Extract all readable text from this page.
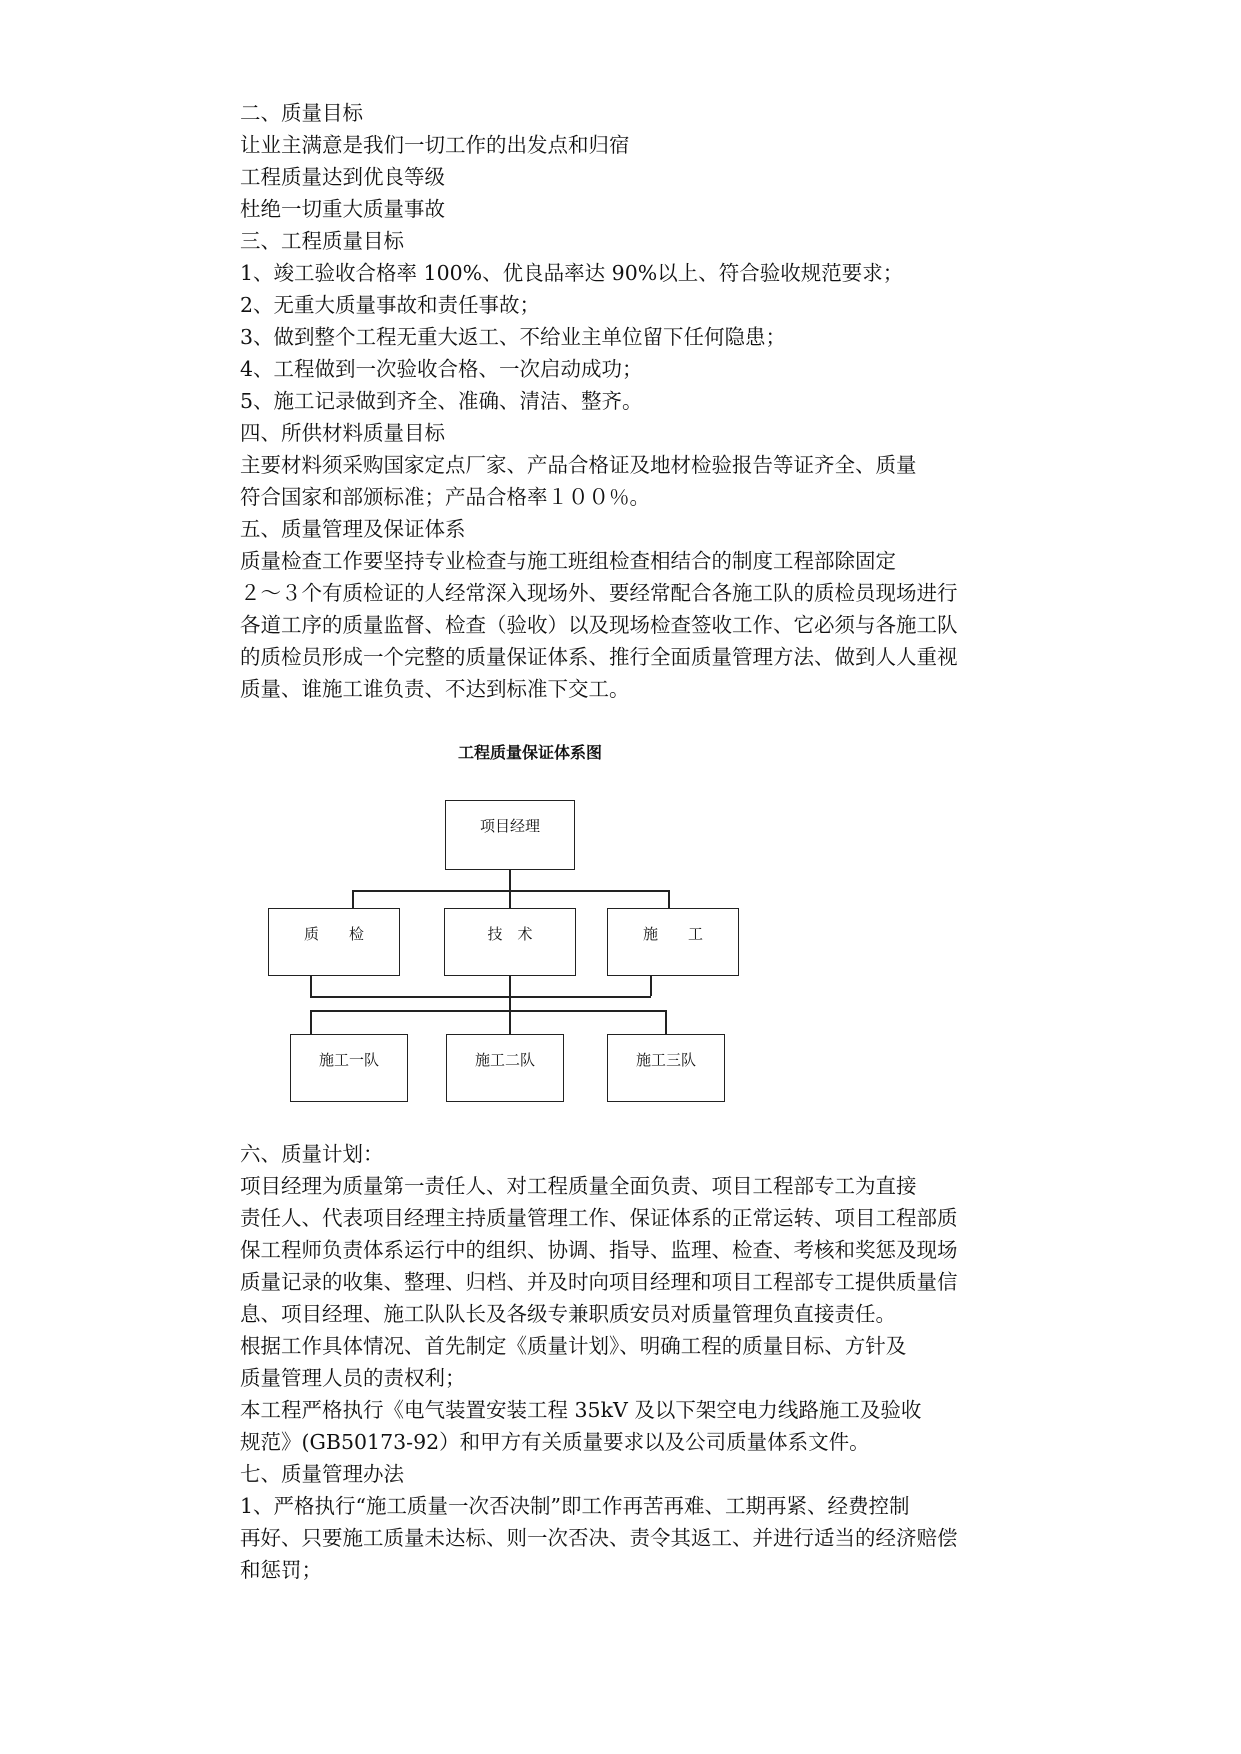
二、质量目标
让业主满意是我们一切工作的出发点和归宿
工程质量达到优良等级
杜绝一切重大质量事故
三、工程质量目标
1、竣工验收合格率 100%、优良品率达 90%以上、符合验收规范要求；
2、无重大质量事故和责任事故；
3、做到整个工程无重大返工、不给业主单位留下任何隐患；
4、工程做到一次验收合格、一次启动成功；
5、施工记录做到齐全、准确、清洁、整齐。
四、所供材料质量目标
主要材料须采购国家定点厂家、产品合格证及地材检验报告等证齐全、质量
符合国家和部颁标准；产品合格率１００％。
五、质量管理及保证体系
质量检查工作要坚持专业检查与施工班组检查相结合的制度工程部除固定
２～３个有质检证的人经常深入现场外、要经常配合各施工队的质检员现场进行
各道工序的质量监督、检查（验收）以及现场检查签收工作、它必须与各施工队
的质检员形成一个完整的质量保证体系、推行全面质量管理方法、做到人人重视
质量、谁施工谁负责、不达到标准下交工。
工程质量保证体系图
项目经理
质　　检	技　术	施　　工
施工一队	施工二队	施工三队
六、质量计划：
项目经理为质量第一责任人、对工程质量全面负责、项目工程部专工为直接
责任人、代表项目经理主持质量管理工作、保证体系的正常运转、项目工程部质
保工程师负责体系运行中的组织、协调、指导、监理、检查、考核和奖惩及现场
质量记录的收集、整理、归档、并及时向项目经理和项目工程部专工提供质量信
息、项目经理、施工队队长及各级专兼职质安员对质量管理负直接责任。
根据工作具体情况、首先制定《质量计划》、明确工程的质量目标、方针及
质量管理人员的责权利；
本工程严格执行《电气装置安装工程 35kV 及以下架空电力线路施工及验收
规范》(GB50173-92）和甲方有关质量要求以及公司质量体系文件。
七、质量管理办法
1、严格执行“施工质量一次否决制”即工作再苦再难、工期再紧、经费控制
再好、只要施工质量未达标、则一次否决、责令其返工、并进行适当的经济赔偿
和惩罚；
